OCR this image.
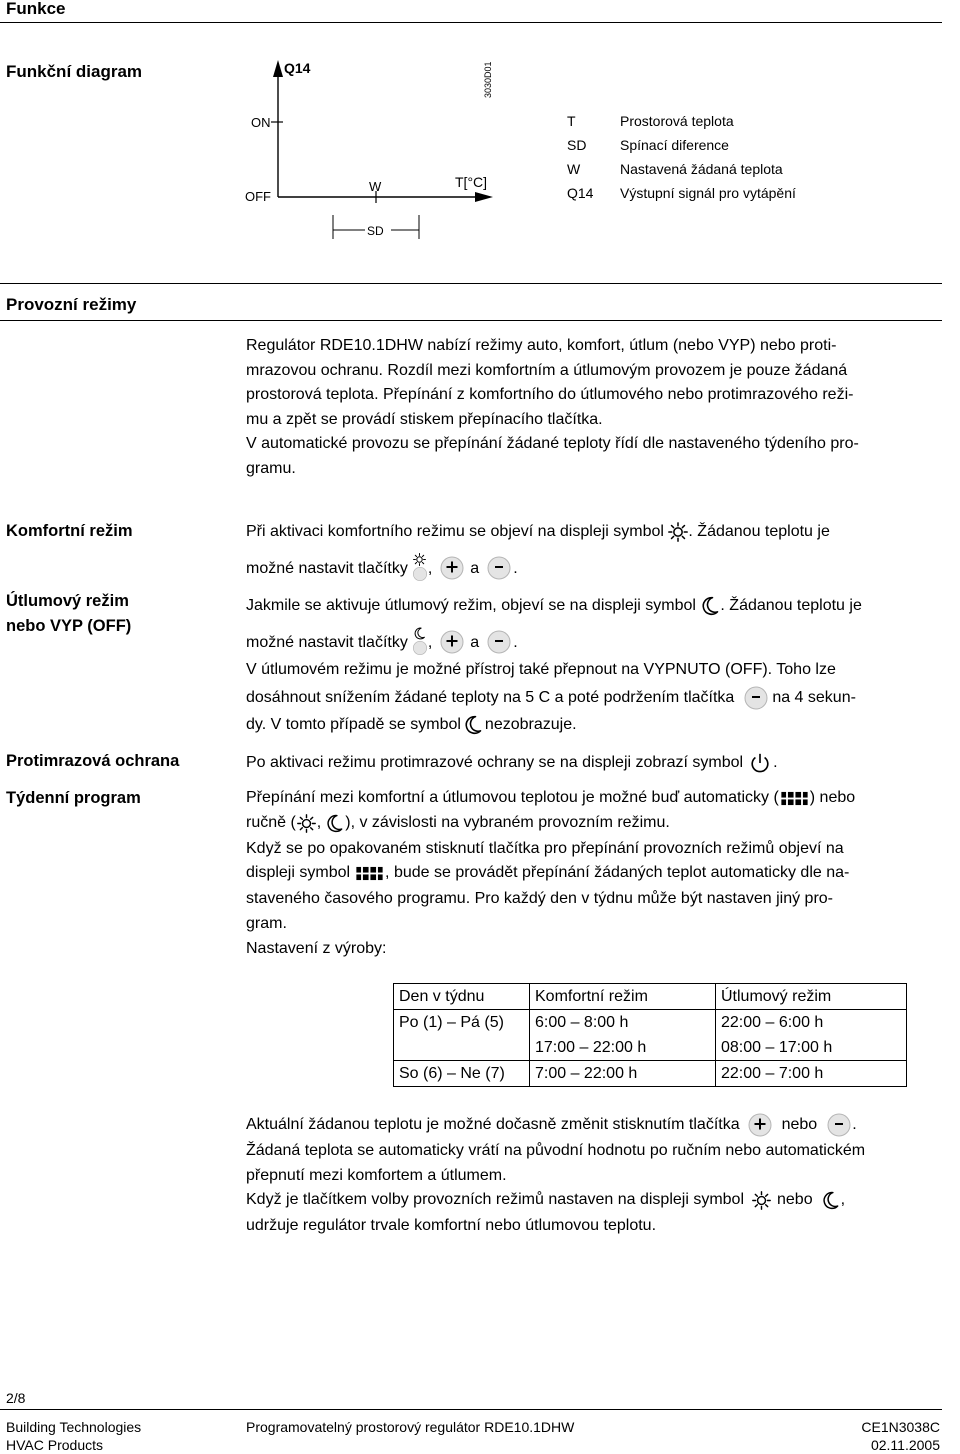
Funkce
Funkční diagram	Q14
ON
OFF
W	T[°C]
SD
3030D01
T	Prostorová teplota
SD Spínací diference
W	Nastavená žádaná teplota
Q14 Výstupní signál pro vytápění
Provozní režimy
Regulátor RDE10.1DHW nabízí režimy auto, komfort, útlum (nebo VYP) nebo proti-
mrazovou ochranu. Rozdíl mezi komfortním a útlumovým provozem je pouze žádaná
prostorová teplota. Přepínání z komfortního do útlumového nebo protimrazového reži-
mu a zpět se provádí stiskem přepínacího tlačítka.
V automatické provozu se přepínání žádané teploty řídí dle nastaveného týdeního pro-
gramu.
Komfortní režim	Při aktivaci komfortního režimu se objeví na displeji symbol . Žádanou teplotu je
možné nastavit tlačítky , a .
Útlumový režim
nebo VYP (OFF)
Jakmile se aktivuje útlumový režim, objeví se na displeji symbol . Žádanou teplotu je
možné nastavit tlačítky , a .
V útlumovém režimu je možné přístroj také přepnout na VYPNUTO (OFF). Toho lze
dosáhnout snížením žádané teploty na 5 C a poté podržením tlačítka na 4 sekun-
dy. V tomto případě se symbol nezobrazuje.
Protimrazová ochrana	Po aktivaci režimu protimrazové ochrany se na displeji zobrazí symbol .
Týdenní program	Přepínání mezi komfortní a útlumovou teplotou je možné buď automaticky ( ) nebo
ručně ( , ), v závislosti na vybraném provozním režimu.
Když se po opakovaném stisknutí tlačítka pro přepínání provozních režimů objeví na
displeji symbol , bude se provádět přepínání žádaných teplot automaticky dle na-
staveného časového programu. Pro každý den v týdnu může být nastaven jiný pro-
gram.
Nastavení z výroby:
Den v týdnu	Komfortní režim	Útlumový režim
Po (1) – Pá (5)	6:00 – 8:00 h	22:00 – 6:00 h
	17:00 – 22:00 h	08:00 – 17:00 h
So (6) – Ne (7)	7:00 – 22:00 h	22:00 – 7:00 h
Aktuální žádanou teplotu je možné dočasně změnit stisknutím tlačítka	nebo .
Žádaná teplota se automaticky vrátí na původní hodnotu po ručním nebo automatickém
přepnutí mezi komfortem a útlumem.
Když je tlačítkem volby provozních režimů nastaven na displeji symbol nebo ,
udržuje regulátor trvale komfortní nebo útlumovou teplotu.
2/8
Building Technologies
HVAC Products
Programovatelný prostorový regulátor RDE10.1DHW	CE1N3038C
02.11.2005
